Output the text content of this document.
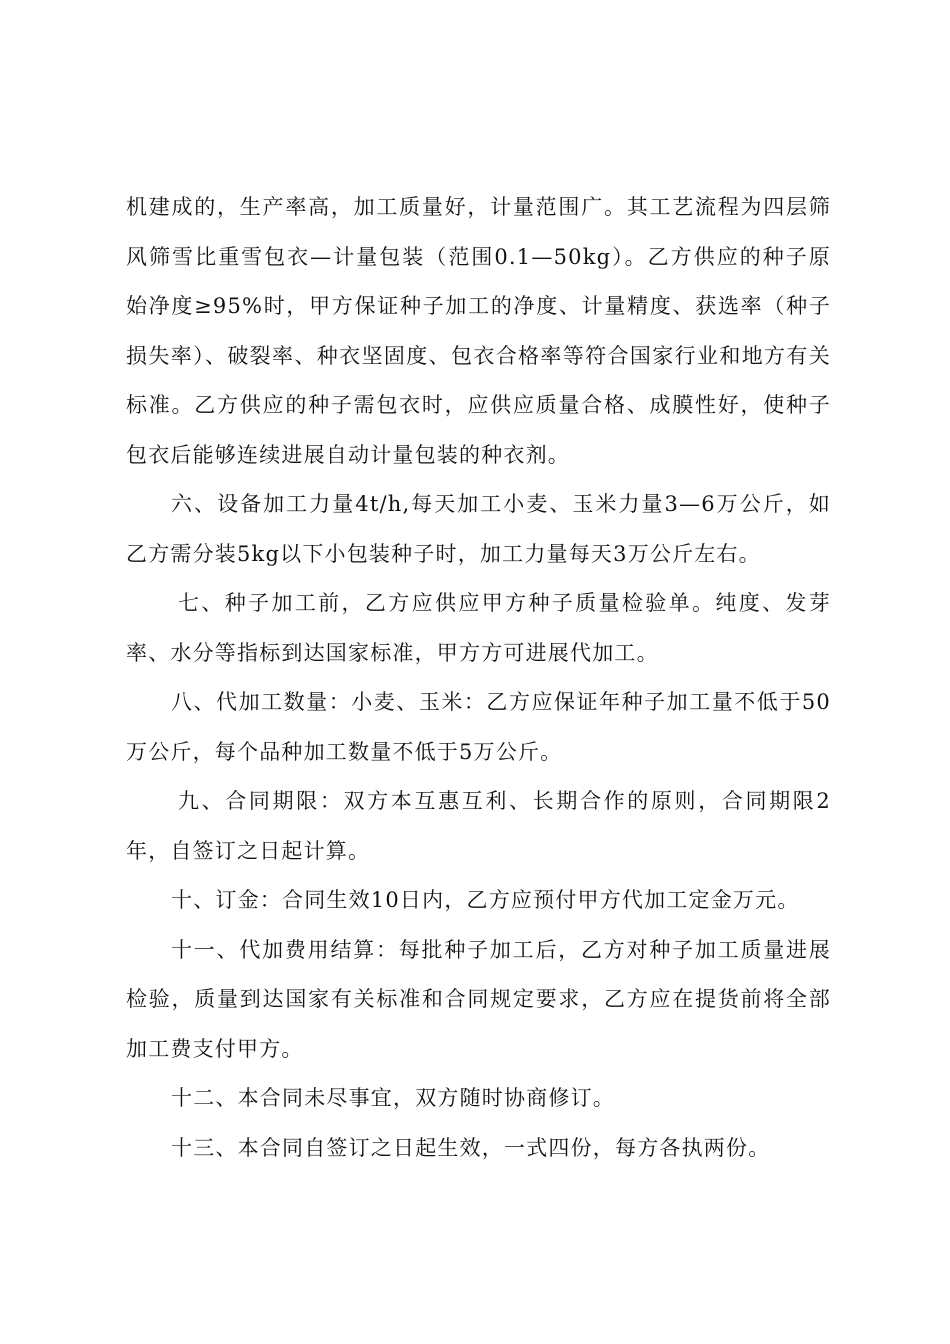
机建成的，生产率高，加工质量好，计量范围广。其工艺流程为四层筛风筛雪比重雪包衣—计量包装（范围0.1—50kg）。乙方供应的种子原始净度≥95%时，甲方保证种子加工的净度、计量精度、获选率（种子损失率）、破裂率、种衣坚固度、包衣合格率等符合国家行业和地方有关标准。乙方供应的种子需包衣时，应供应质量合格、成膜性好，使种子包衣后能够连续进展自动计量包装的种衣剂。

六、设备加工力量4t/h,每天加工小麦、玉米力量3—6万公斤，如乙方需分装5kg以下小包装种子时，加工力量每天3万公斤左右。

七、种子加工前，乙方应供应甲方种子质量检验单。纯度、发芽率、水分等指标到达国家标准，甲方方可进展代加工。

八、代加工数量：小麦、玉米：乙方应保证年种子加工量不低于50万公斤，每个品种加工数量不低于5万公斤。

九、合同期限：双方本互惠互利、长期合作的原则，合同期限2年，自签订之日起计算。

十、订金：合同生效10日内，乙方应预付甲方代加工定金万元。

十一、代加费用结算：每批种子加工后，乙方对种子加工质量进展检验，质量到达国家有关标准和合同规定要求，乙方应在提货前将全部加工费支付甲方。

十二、本合同未尽事宜，双方随时协商修订。

十三、本合同自签订之日起生效，一式四份，每方各执两份。
